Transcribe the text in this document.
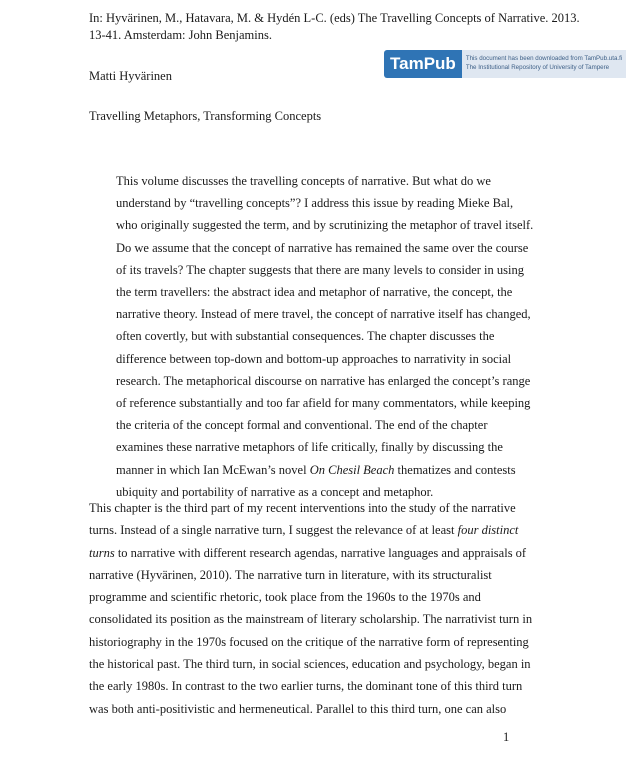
In: Hyvärinen, M., Hatavara, M. & Hydén L-C. (eds) The Travelling Concepts of Narrative. 2013.
13-41. Amsterdam: John Benjamins.
TamPub	This document has been downloaded from TamPub.uta.fi
The Institutional Repository of University of Tampere
Matti Hyvärinen
Travelling Metaphors, Transforming Concepts
This volume discusses the travelling concepts of narrative. But what do we
understand by “travelling concepts”? I address this issue by reading Mieke Bal,
who originally suggested the term, and by scrutinizing the metaphor of travel itself.
Do we assume that the concept of narrative has remained the same over the course
of its travels? The chapter suggests that there are many levels to consider in using
the term travellers: the abstract idea and metaphor of narrative, the concept, the
narrative theory. Instead of mere travel, the concept of narrative itself has changed,
often covertly, but with substantial consequences. The chapter discusses the
difference between top-down and bottom-up approaches to narrativity in social
research. The metaphorical discourse on narrative has enlarged the concept’s range
of reference substantially and too far afield for many commentators, while keeping
the criteria of the concept formal and conventional. The end of the chapter
examines these narrative metaphors of life critically, finally by discussing the
manner in which Ian McEwan’s novel On Chesil Beach thematizes and contests
ubiquity and portability of narrative as a concept and metaphor.
This chapter is the third part of my recent interventions into the study of the narrative
turns. Instead of a single narrative turn, I suggest the relevance of at least four distinct
turns to narrative with different research agendas, narrative languages and appraisals of
narrative (Hyvärinen, 2010). The narrative turn in literature, with its structuralist
programme and scientific rhetoric, took place from the 1960s to the 1970s and
consolidated its position as the mainstream of literary scholarship. The narrativist turn in
historiography in the 1970s focused on the critique of the narrative form of representing
the historical past. The third turn, in social sciences, education and psychology, began in
the early 1980s. In contrast to the two earlier turns, the dominant tone of this third turn
was both anti-positivistic and hermeneutical. Parallel to this third turn, one can also
1
